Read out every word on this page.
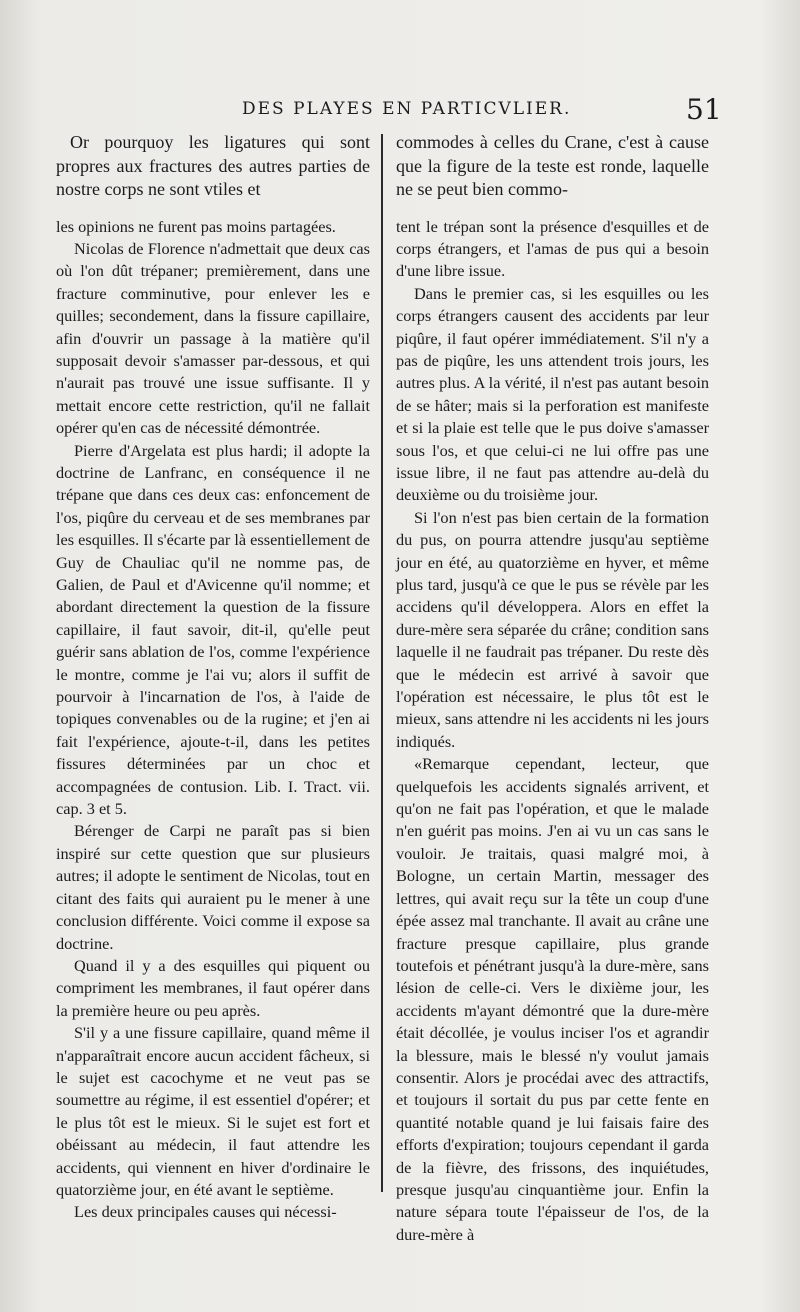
DES PLAYES EN PARTICVLIER.	51

Or pourquoy les ligatures qui sont propres aux fractures des autres parties de nostre corps ne sont vtiles et

les opinions ne furent pas moins partagées.

Nicolas de Florence n'admettait que deux cas où l'on dût trépaner; premièrement, dans une fracture comminutive, pour enlever les e quilles; secondement, dans la fissure capillaire, afin d'ouvrir un passage à la matière qu'il supposait devoir s'amasser par-dessous, et qui n'aurait pas trouvé une issue suffisante. Il y mettait encore cette restriction, qu'il ne fallait opérer qu'en cas de nécessité démontrée.

Pierre d'Argelata est plus hardi; il adopte la doctrine de Lanfranc, en conséquence il ne trépane que dans ces deux cas: enfoncement de l'os, piqûre du cerveau et de ses membranes par les esquilles. Il s'écarte par là essentiellement de Guy de Chauliac qu'il ne nomme pas, de Galien, de Paul et d'Avicenne qu'il nomme; et abordant directement la question de la fissure capillaire, il faut savoir, dit-il, qu'elle peut guérir sans ablation de l'os, comme l'expérience le montre, comme je l'ai vu; alors il suffit de pourvoir à l'incarnation de l'os, à l'aide de topiques convenables ou de la rugine; et j'en ai fait l'expérience, ajoute-t-il, dans les petites fissures déterminées par un choc et accompagnées de contusion. Lib. I. Tract. vii. cap. 3 et 5.

Bérenger de Carpi ne paraît pas si bien inspiré sur cette question que sur plusieurs autres; il adopte le sentiment de Nicolas, tout en citant des faits qui auraient pu le mener à une conclusion différente. Voici comme il expose sa doctrine.

Quand il y a des esquilles qui piquent ou compriment les membranes, il faut opérer dans la première heure ou peu après.

S'il y a une fissure capillaire, quand même il n'apparaîtrait encore aucun accident fâcheux, si le sujet est cacochyme et ne veut pas se soumettre au régime, il est essentiel d'opérer; et le plus tôt est le mieux. Si le sujet est fort et obéissant au médecin, il faut attendre les accidents, qui viennent en hiver d'ordinaire le quatorzième jour, en été avant le septième.

Les deux principales causes qui nécessi-

commodes à celles du Crane, c'est à cause que la figure de la teste est ronde, laquelle ne se peut bien commo-

tent le trépan sont la présence d'esquilles et de corps étrangers, et l'amas de pus qui a besoin d'une libre issue.

Dans le premier cas, si les esquilles ou les corps étrangers causent des accidents par leur piqûre, il faut opérer immédiatement. S'il n'y a pas de piqûre, les uns attendent trois jours, les autres plus. A la vérité, il n'est pas autant besoin de se hâter; mais si la perforation est manifeste et si la plaie est telle que le pus doive s'amasser sous l'os, et que celui-ci ne lui offre pas une issue libre, il ne faut pas attendre au-delà du deuxième ou du troisième jour.

Si l'on n'est pas bien certain de la formation du pus, on pourra attendre jusqu'au septième jour en été, au quatorzième en hyver, et même plus tard, jusqu'à ce que le pus se révèle par les accidens qu'il développera. Alors en effet la dure-mère sera séparée du crâne; condition sans laquelle il ne faudrait pas trépaner. Du reste dès que le médecin est arrivé à savoir que l'opération est nécessaire, le plus tôt est le mieux, sans attendre ni les accidents ni les jours indiqués.

«Remarque cependant, lecteur, que quelquefois les accidents signalés arrivent, et qu'on ne fait pas l'opération, et que le malade n'en guérit pas moins. J'en ai vu un cas sans le vouloir. Je traitais, quasi malgré moi, à Bologne, un certain Martin, messager des lettres, qui avait reçu sur la tête un coup d'une épée assez mal tranchante. Il avait au crâne une fracture presque capillaire, plus grande toutefois et pénétrant jusqu'à la dure-mère, sans lésion de celle-ci. Vers le dixième jour, les accidents m'ayant démontré que la dure-mère était décollée, je voulus inciser l'os et agrandir la blessure, mais le blessé n'y voulut jamais consentir. Alors je procédai avec des attractifs, et toujours il sortait du pus par cette fente en quantité notable quand je lui faisais faire des efforts d'expiration; toujours cependant il garda de la fièvre, des frissons, des inquiétudes, presque jusqu'au cinquantième jour. Enfin la nature sépara toute l'épaisseur de l'os, de la dure-mère à
